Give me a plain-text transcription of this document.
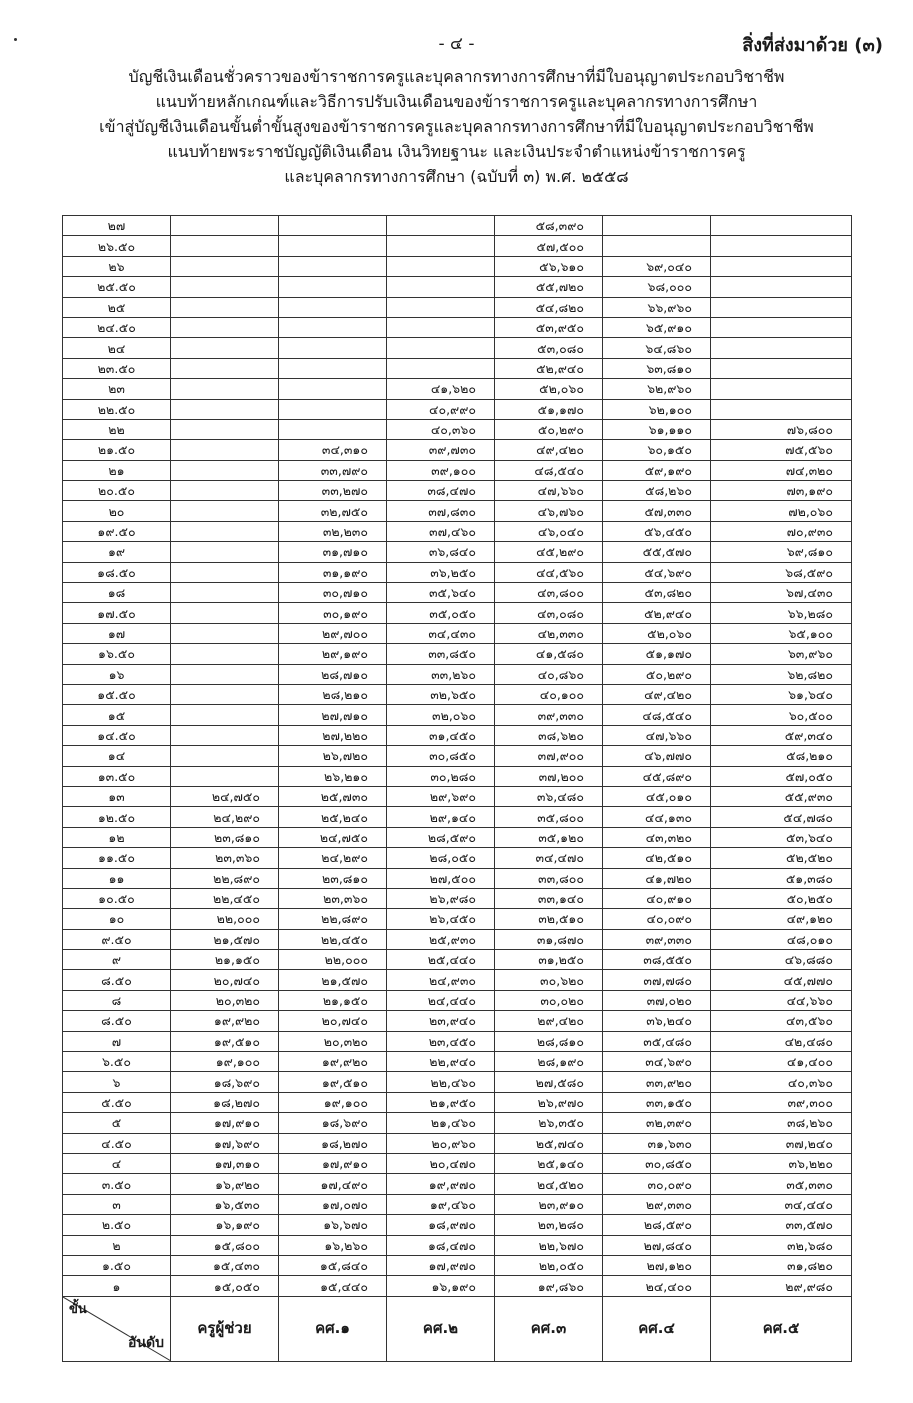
- ๔ -	สิ่งที่ส่งมาด้วย (๓)
บัญชีเงินเดือนชั่วคราวของข้าราชการครูและบุคลากรทางการศึกษาที่มีใบอนุญาตประกอบวิชาชีพ
แนบท้ายหลักเกณฑ์และวิธีการปรับเงินเดือนของข้าราชการครูและบุคลากรทางการศึกษา
เข้าสู่บัญชีเงินเดือนขั้นต่ำขั้นสูงของข้าราชการครูและบุคลากรทางการศึกษาที่มีใบอนุญาตประกอบวิชาชีพ
แนบท้ายพระราชบัญญัติเงินเดือน เงินวิทยฐานะ และเงินประจำตำแหน่งข้าราชการครู
และบุคลากรทางการศึกษา (ฉบับที่ ๓) พ.ศ. ๒๕๕๘
๒๗				๕๘,๓๙๐		
๒๖.๕๐				๕๗,๕๐๐		
๒๖				๕๖,๖๑๐	๖๙,๐๔๐	
๒๕.๕๐				๕๕,๗๒๐	๖๘,๐๐๐	
๒๕				๕๔,๘๒๐	๖๖,๙๖๐	
๒๔.๕๐				๕๓,๙๕๐	๖๕,๙๑๐	
๒๔				๕๓,๐๘๐	๖๔,๘๖๐	
๒๓.๕๐				๕๒,๙๔๐	๖๓,๘๑๐	
๒๓			๔๑,๖๒๐	๕๒,๐๖๐	๖๒,๙๖๐	
๒๒.๕๐			๔๐,๙๙๐	๕๑,๑๗๐	๖๒,๑๐๐	
๒๒			๔๐,๓๖๐	๕๐,๒๙๐	๖๑,๑๑๐	๗๖,๘๐๐
๒๑.๕๐		๓๔,๓๑๐	๓๙,๗๓๐	๔๙,๔๒๐	๖๐,๑๕๐	๗๕,๕๖๐
๒๑		๓๓,๗๙๐	๓๙,๑๐๐	๔๘,๕๔๐	๕๙,๑๙๐	๗๔,๓๒๐
๒๐.๕๐		๓๓,๒๗๐	๓๘,๔๗๐	๔๗,๖๖๐	๕๘,๒๖๐	๗๓,๑๙๐
๒๐		๓๒,๗๕๐	๓๗,๘๓๐	๔๖,๗๖๐	๕๗,๓๓๐	๗๒,๐๖๐
๑๙.๕๐		๓๒,๒๓๐	๓๗,๔๖๐	๔๖,๐๔๐	๕๖,๔๕๐	๗๐,๙๓๐
๑๙		๓๑,๗๑๐	๓๖,๘๔๐	๔๕,๒๙๐	๕๕,๕๗๐	๖๙,๘๑๐
๑๘.๕๐		๓๑,๑๙๐	๓๖,๒๕๐	๔๔,๕๖๐	๕๔,๖๙๐	๖๘,๕๙๐
๑๘		๓๐,๗๑๐	๓๕,๖๔๐	๔๓,๘๐๐	๕๓,๘๒๐	๖๗,๔๓๐
๑๗.๕๐		๓๐,๑๙๐	๓๕,๐๕๐	๔๓,๐๘๐	๕๒,๙๔๐	๖๖,๒๘๐
๑๗		๒๙,๗๐๐	๓๔,๔๓๐	๔๒,๓๓๐	๕๒,๐๖๐	๖๕,๑๐๐
๑๖.๕๐		๒๙,๑๙๐	๓๓,๘๕๐	๔๑,๕๘๐	๕๑,๑๗๐	๖๓,๙๖๐
๑๖		๒๘,๗๑๐	๓๓,๒๖๐	๔๐,๘๖๐	๕๐,๒๙๐	๖๒,๘๒๐
๑๕.๕๐		๒๘,๒๑๐	๓๒,๖๕๐	๔๐,๑๐๐	๔๙,๔๒๐	๖๑,๖๔๐
๑๕		๒๗,๗๑๐	๓๒,๐๖๐	๓๙,๓๓๐	๔๘,๕๔๐	๖๐,๕๐๐
๑๔.๕๐		๒๗,๒๒๐	๓๑,๔๕๐	๓๘,๖๒๐	๔๗,๖๖๐	๕๙,๓๔๐
๑๔		๒๖,๗๒๐	๓๐,๘๕๐	๓๗,๙๐๐	๔๖,๗๗๐	๕๘,๒๑๐
๑๓.๕๐		๒๖,๒๑๐	๓๐,๒๘๐	๓๗,๒๐๐	๔๕,๘๙๐	๕๗,๐๕๐
๑๓	๒๔,๗๕๐	๒๕,๗๓๐	๒๙,๖๙๐	๓๖,๔๘๐	๔๕,๐๑๐	๕๕,๙๓๐
๑๒.๕๐	๒๔,๒๙๐	๒๕,๒๔๐	๒๙,๑๔๐	๓๕,๘๐๐	๔๔,๑๓๐	๕๔,๗๘๐
๑๒	๒๓,๘๑๐	๒๔,๗๕๐	๒๘,๕๙๐	๓๕,๑๒๐	๔๓,๓๒๐	๕๓,๖๔๐
๑๑.๕๐	๒๓,๓๖๐	๒๔,๒๙๐	๒๘,๐๕๐	๓๔,๔๗๐	๔๒,๕๑๐	๕๒,๕๒๐
๑๑	๒๒,๘๙๐	๒๓,๘๑๐	๒๗,๕๐๐	๓๓,๘๐๐	๔๑,๗๒๐	๕๑,๓๘๐
๑๐.๕๐	๒๒,๔๕๐	๒๓,๓๖๐	๒๖,๙๘๐	๓๓,๑๔๐	๔๐,๙๑๐	๕๐,๒๕๐
๑๐	๒๒,๐๐๐	๒๒,๘๙๐	๒๖,๔๕๐	๓๒,๕๑๐	๔๐,๐๙๐	๔๙,๑๒๐
๙.๕๐	๒๑,๕๗๐	๒๒,๔๕๐	๒๕,๙๓๐	๓๑,๘๗๐	๓๙,๓๓๐	๔๘,๐๑๐
๙	๒๑,๑๕๐	๒๒,๐๐๐	๒๕,๔๔๐	๓๑,๒๕๐	๓๘,๕๕๐	๔๖,๘๘๐
๘.๕๐	๒๐,๗๔๐	๒๑,๕๗๐	๒๔,๙๓๐	๓๐,๖๒๐	๓๗,๗๘๐	๔๕,๗๗๐
๘	๒๐,๓๒๐	๒๑,๑๕๐	๒๔,๔๔๐	๓๐,๐๒๐	๓๗,๐๒๐	๔๔,๖๖๐
๘.๕๐	๑๙,๙๒๐	๒๐,๗๔๐	๒๓,๙๔๐	๒๙,๔๒๐	๓๖,๒๔๐	๔๓,๕๖๐
๗	๑๙,๕๑๐	๒๐,๓๒๐	๒๓,๔๕๐	๒๘,๘๑๐	๓๕,๔๘๐	๔๒,๔๘๐
๖.๕๐	๑๙,๑๐๐	๑๙,๙๒๐	๒๒,๙๔๐	๒๘,๑๙๐	๓๔,๖๙๐	๔๑,๔๐๐
๖	๑๘,๖๙๐	๑๙,๕๑๐	๒๒,๔๖๐	๒๗,๕๘๐	๓๓,๙๒๐	๔๐,๓๖๐
๕.๕๐	๑๘,๒๗๐	๑๙,๑๐๐	๒๑,๙๕๐	๒๖,๙๗๐	๓๓,๑๕๐	๓๙,๓๐๐
๕	๑๗,๙๑๐	๑๘,๖๙๐	๒๑,๔๖๐	๒๖,๓๕๐	๓๒,๓๙๐	๓๘,๒๖๐
๔.๕๐	๑๗,๖๙๐	๑๘,๒๗๐	๒๐,๙๖๐	๒๕,๗๔๐	๓๑,๖๓๐	๓๗,๒๔๐
๔	๑๗,๓๑๐	๑๗,๙๑๐	๒๐,๔๗๐	๒๕,๑๔๐	๓๐,๘๕๐	๓๖,๒๒๐
๓.๕๐	๑๖,๙๒๐	๑๗,๔๙๐	๑๙,๙๗๐	๒๔,๕๒๐	๓๐,๐๙๐	๓๕,๓๓๐
๓	๑๖,๕๓๐	๑๗,๐๗๐	๑๙,๔๖๐	๒๓,๙๑๐	๒๙,๓๓๐	๓๔,๔๔๐
๒.๕๐	๑๖,๑๙๐	๑๖,๖๗๐	๑๘,๙๗๐	๒๓,๒๘๐	๒๘,๕๙๐	๓๓,๕๗๐
๒	๑๕,๘๐๐	๑๖,๒๖๐	๑๘,๔๗๐	๒๒,๖๗๐	๒๗,๘๔๐	๓๒,๖๘๐
๑.๕๐	๑๕,๔๓๐	๑๕,๘๔๐	๑๗,๙๗๐	๒๒,๐๕๐	๒๗,๑๒๐	๓๑,๘๒๐
๑	๑๕,๐๕๐	๑๕,๔๔๐	๑๖,๑๙๐	๑๙,๘๖๐	๒๔,๔๐๐	๒๙,๙๘๐

ขั้น
อันดับ	ครูผู้ช่วย	คศ.๑	คศ.๒	คศ.๓	คศ.๔	คศ.๕
